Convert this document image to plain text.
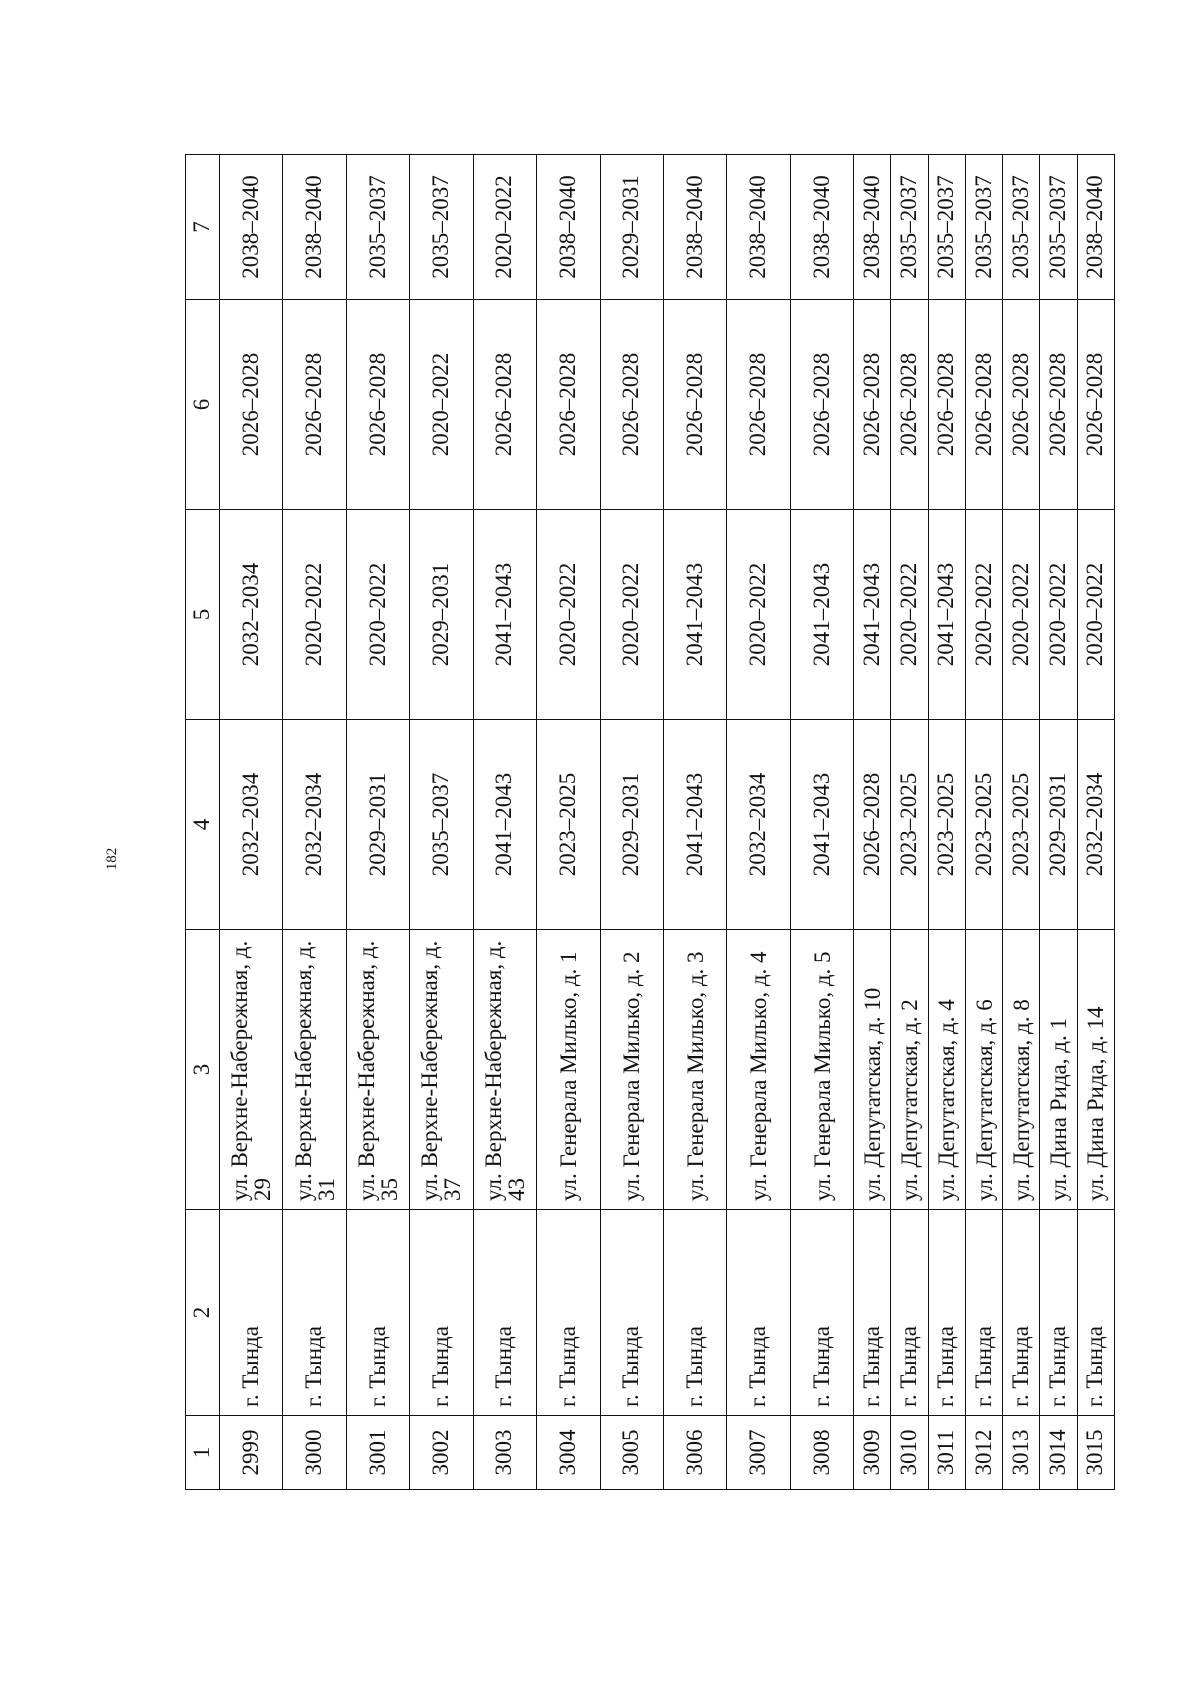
182
1	2	3	4	5	6	7
2999	г. Тында	ул. Верхне-Набережная, д. 29	2032–2034	2032–2034	2026–2028	2038–2040
3000	г. Тында	ул. Верхне-Набережная, д. 31	2032–2034	2020–2022	2026–2028	2038–2040
3001	г. Тында	ул. Верхне-Набережная, д. 35	2029–2031	2020–2022	2026–2028	2035–2037
3002	г. Тында	ул. Верхне-Набережная, д. 37	2035–2037	2029–2031	2020–2022	2035–2037
3003	г. Тында	ул. Верхне-Набережная, д. 43	2041–2043	2041–2043	2026–2028	2020–2022
3004	г. Тында	ул. Генерала Милько, д. 1	2023–2025	2020–2022	2026–2028	2038–2040
3005	г. Тында	ул. Генерала Милько, д. 2	2029–2031	2020–2022	2026–2028	2029–2031
3006	г. Тында	ул. Генерала Милько, д. 3	2041–2043	2041–2043	2026–2028	2038–2040
3007	г. Тында	ул. Генерала Милько, д. 4	2032–2034	2020–2022	2026–2028	2038–2040
3008	г. Тында	ул. Генерала Милько, д. 5	2041–2043	2041–2043	2026–2028	2038–2040
3009	г. Тында	ул. Депутатская, д. 10	2026–2028	2041–2043	2026–2028	2038–2040
3010	г. Тында	ул. Депутатская, д. 2	2023–2025	2020–2022	2026–2028	2035–2037
3011	г. Тында	ул. Депутатская, д. 4	2023–2025	2041–2043	2026–2028	2035–2037
3012	г. Тында	ул. Депутатская, д. 6	2023–2025	2020–2022	2026–2028	2035–2037
3013	г. Тында	ул. Депутатская, д. 8	2023–2025	2020–2022	2026–2028	2035–2037
3014	г. Тында	ул. Дина Рида, д. 1	2029–2031	2020–2022	2026–2028	2035–2037
3015	г. Тында	ул. Дина Рида, д. 14	2032–2034	2020–2022	2026–2028	2038–2040
